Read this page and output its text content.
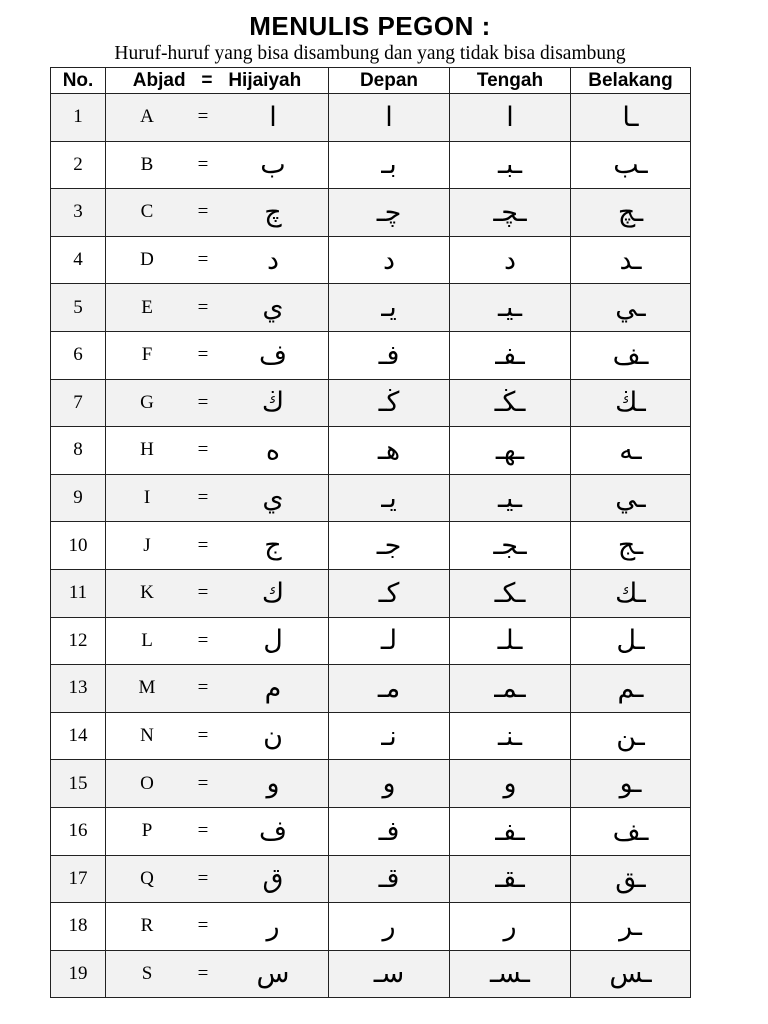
MENULIS PEGON :
Huruf-huruf yang bisa disambung dan yang tidak bisa disambung
No.	Abjad   =   Hijaiyah	Depan	Tengah	Belakang
1	A = ا	ا	ا	ـا
2	B = ب	بـ	ـبـ	ـب
3	C = چ	چـ	ـچـ	ـچ
4	D = د	د	د	ـد
5	E = ي	يـ	ـيـ	ـي
6	F = ف	فـ	ـفـ	ـف
7	G = ڬ	ڬـ	ـڬـ	ـڬ
8	H = ه	هـ	ـهـ	ـه
9	I = ي	يـ	ـيـ	ـي
10	J = ج	جـ	ـجـ	ـج
11	K = ك	كـ	ـكـ	ـك
12	L = ل	لـ	ـلـ	ـل
13	M = م	مـ	ـمـ	ـم
14	N = ن	نـ	ـنـ	ـن
15	O = و	و	و	ـو
16	P = ف	فـ	ـفـ	ـف
17	Q = ق	قـ	ـقـ	ـق
18	R = ر	ر	ر	ـر
19	S = س	سـ	ـسـ	ـس
